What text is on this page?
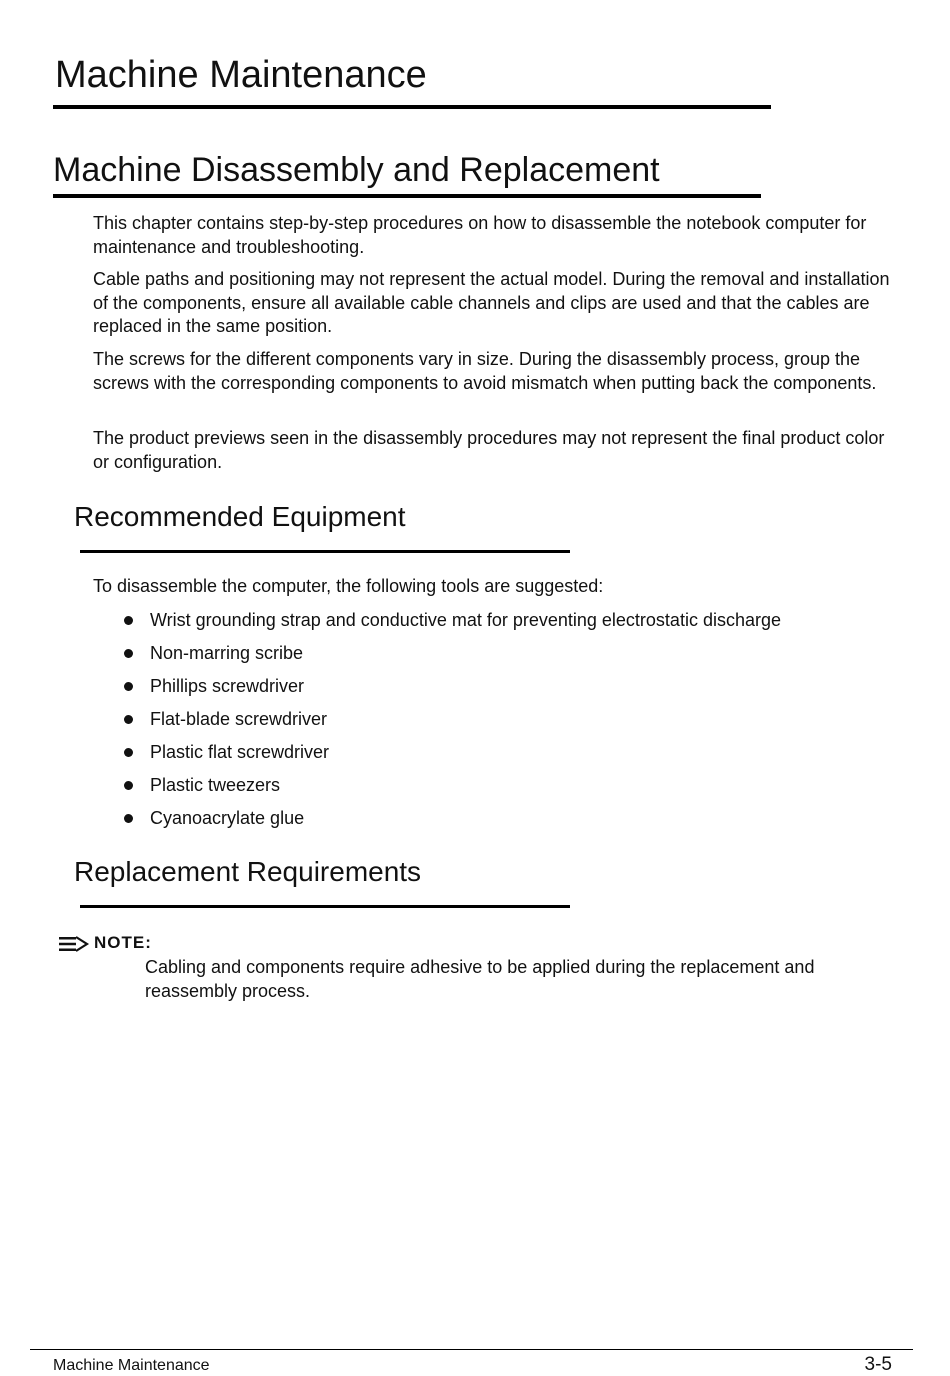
Machine Maintenance
Machine Disassembly and Replacement

This chapter contains step-by-step procedures on how to disassemble the notebook computer for maintenance and troubleshooting.

Cable paths and positioning may not represent the actual model. During the removal and installation of the components, ensure all available cable channels and clips are used and that the cables are replaced in the same position.

The screws for the different components vary in size. During the disassembly process, group the screws with the corresponding components to avoid mismatch when putting back the components.

The product previews seen in the disassembly procedures may not represent the final product color or configuration.

Recommended Equipment

To disassemble the computer, the following tools are suggested:

Wrist grounding strap and conductive mat for preventing electrostatic discharge
Non-marring scribe
Phillips screwdriver
Flat-blade screwdriver
Plastic flat screwdriver
Plastic tweezers
Cyanoacrylate glue
Replacement Requirements
NOTE:

Cabling and components require adhesive to be applied during the replacement and reassembly process.

Machine Maintenance	3-5
